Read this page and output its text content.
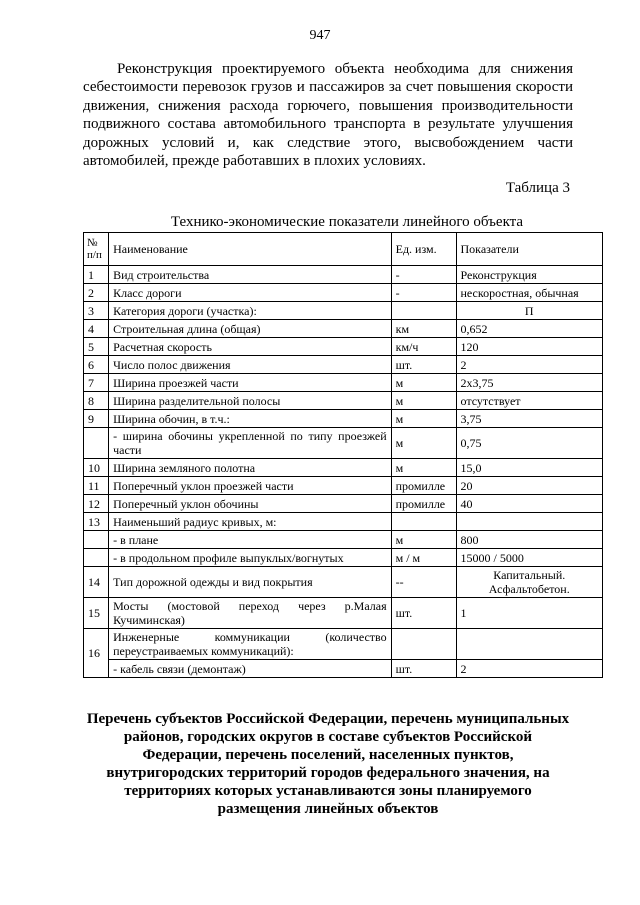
947

Реконструкция проектируемого объекта необходима для снижения себестоимости перевозок грузов и пассажиров за счет повышения скорости движения, снижения расхода горючего, повышения производительности подвижного состава автомобильного транспорта в результате улучшения дорожных условий и, как следствие этого, высвобождением части автомобилей, прежде работавших в плохих условиях.

Таблица 3
Технико-экономические показатели линейного объекта
№ п/п	Наименование	Ед. изм.	Показатели
1	Вид строительства	-	Реконструкция
2	Класс дороги	-	нескоростная, обычная
3	Категория дороги (участка):		П
4	Строительная длина (общая)	км	0,652
5	Расчетная скорость	км/ч	120
6	Число полос движения	шт.	2
7	Ширина проезжей части	м	2х3,75
8	Ширина разделительной полосы	м	отсутствует
9	Ширина обочин, в т.ч.:	м	3,75
	- ширина обочины укрепленной по типу проезжей части	м	0,75
10	Ширина земляного полотна	м	15,0
11	Поперечный уклон проезжей части	промилле	20
12	Поперечный уклон обочины	промилле	40
13	Наименьший радиус кривых, м:		
	- в плане	м	800
	- в продольном профиле выпуклых/вогнутых	м / м	15000 / 5000
14	Тип дорожной одежды и вид покрытия	--	Капитальный. Асфальтобетон.
15	Мосты (мостовой переход через р.Малая Кучиминская)	шт.	1
16	Инженерные коммуникации (количество переустраиваемых коммуникаций):		
	- кабель связи (демонтаж)	шт.	2
Перечень субъектов Российской Федерации, перечень муниципальных районов, городских округов в составе субъектов Российской Федерации, перечень поселений, населенных пунктов, внутригородских территорий городов федерального значения, на территориях которых устанавливаются зоны планируемого размещения линейных объектов
